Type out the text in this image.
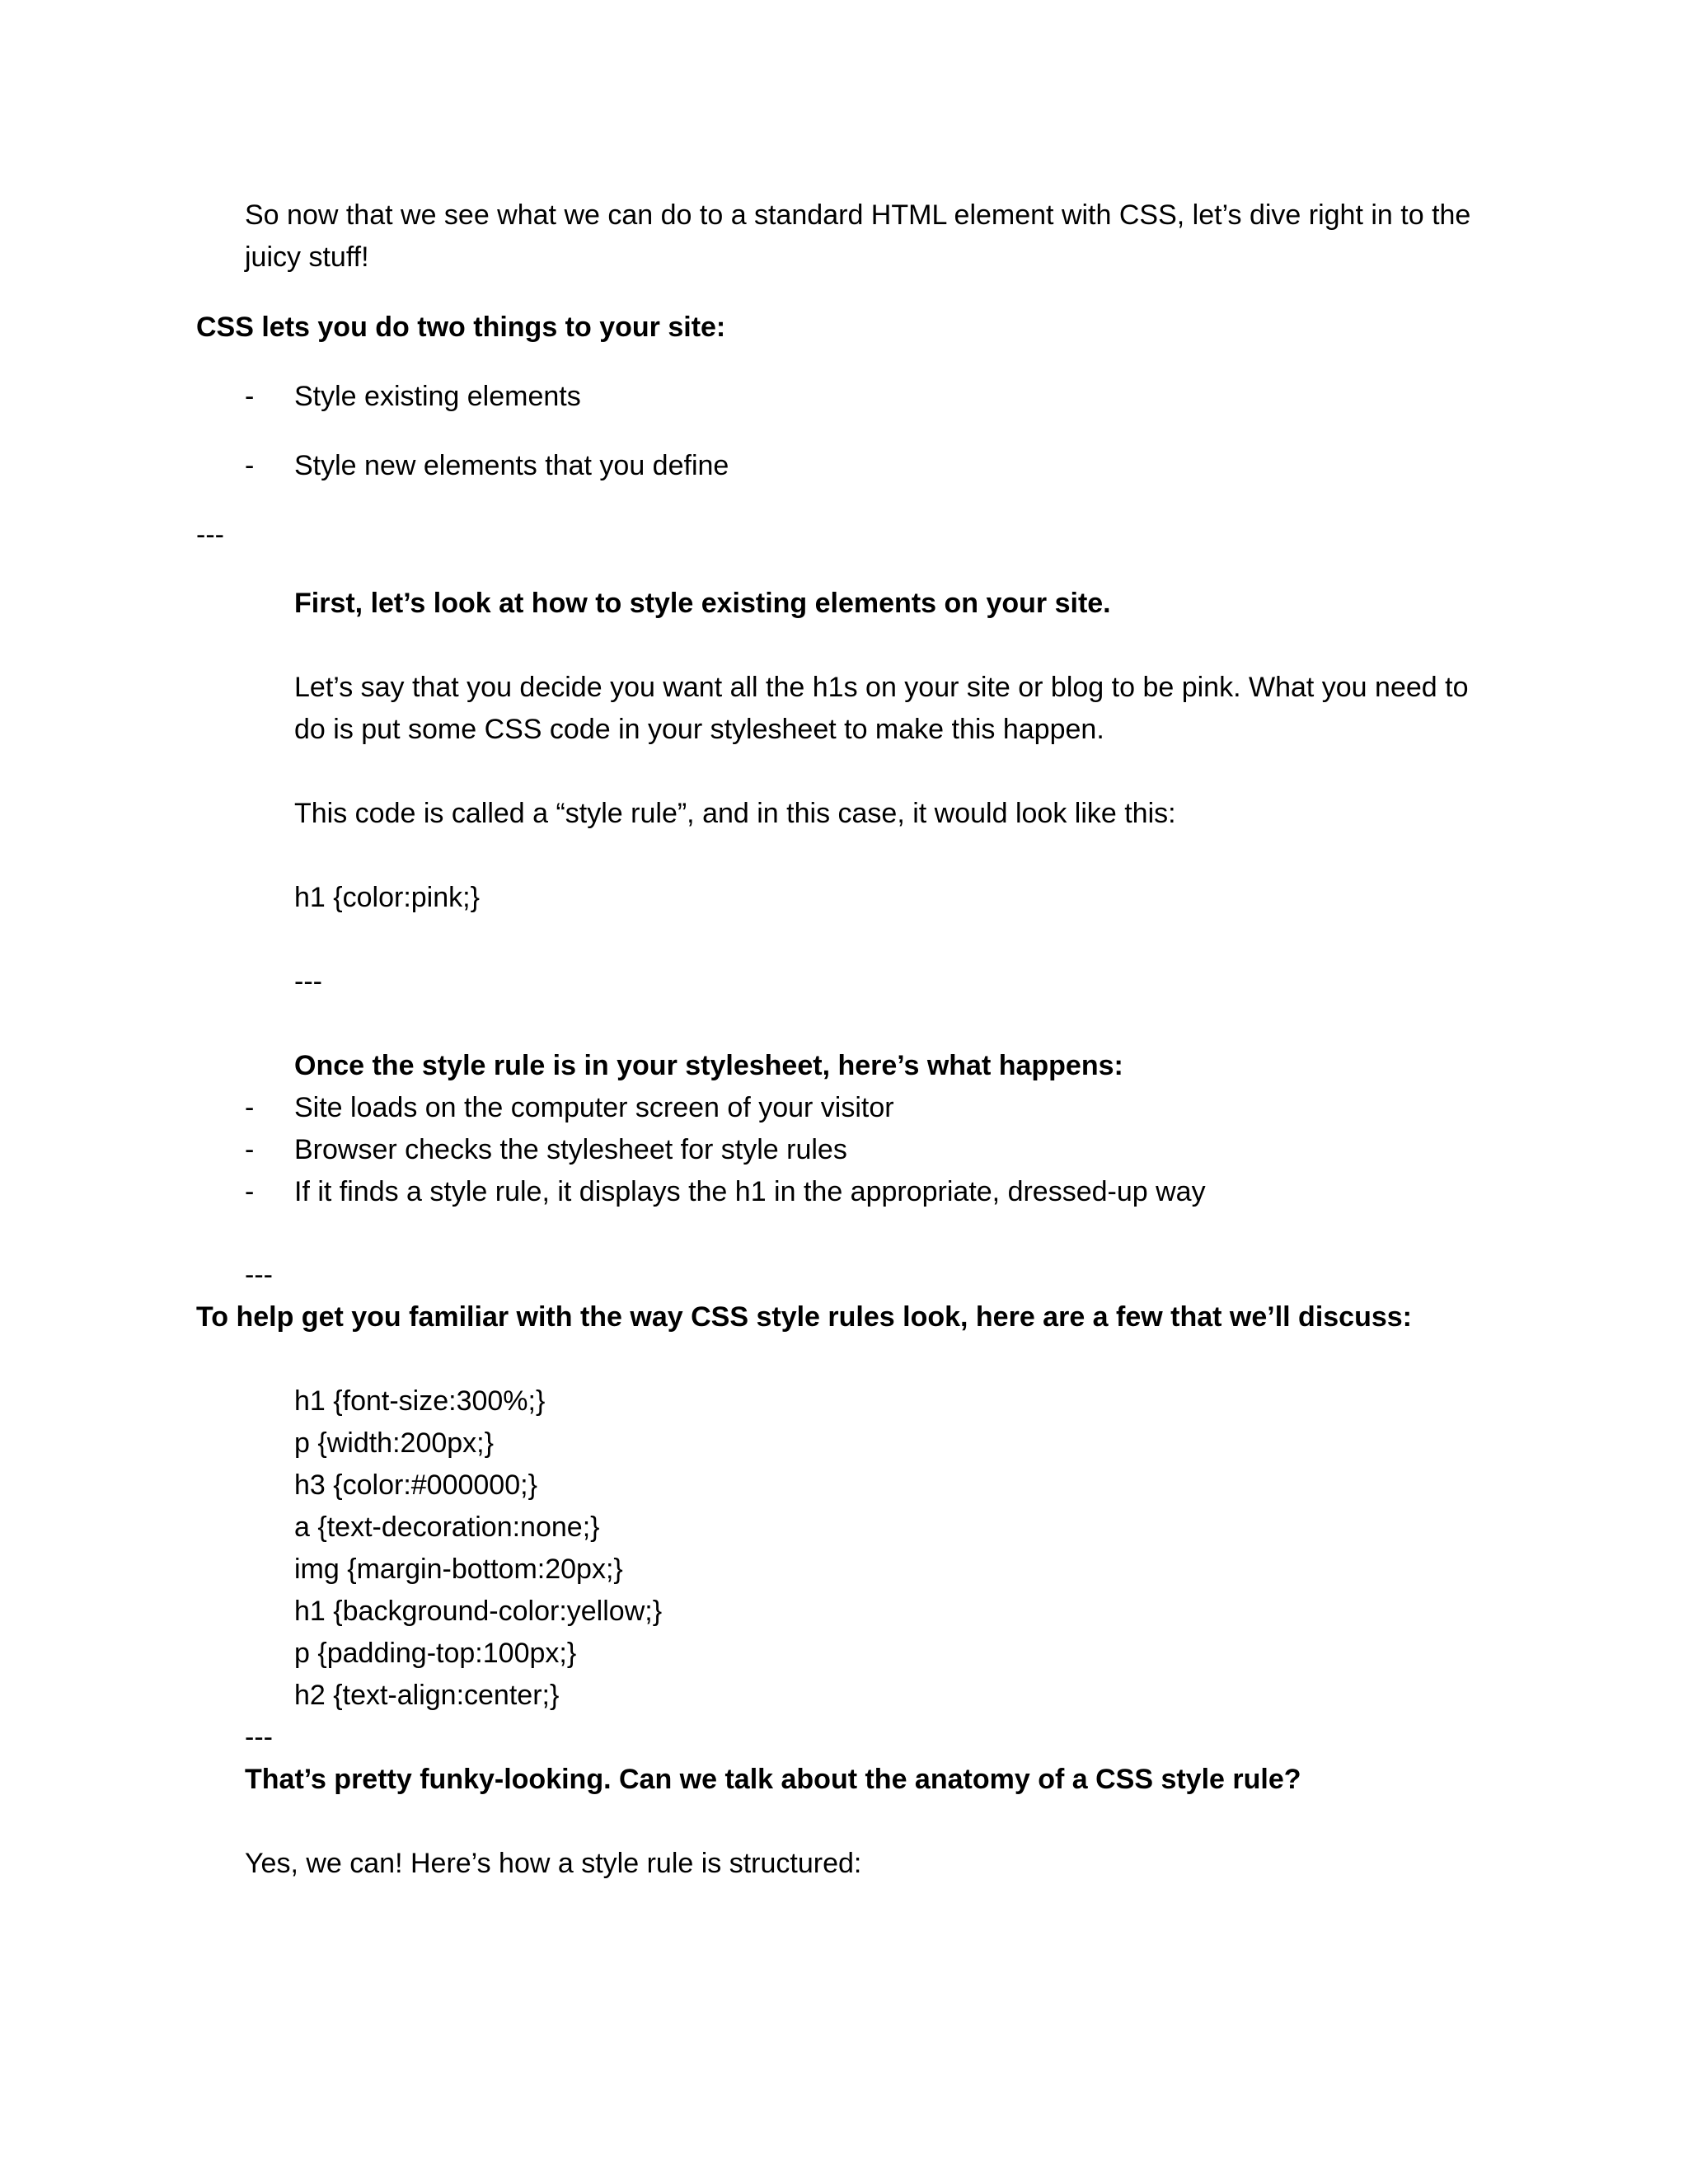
So now that we see what we can do to a standard HTML element with CSS, let’s dive right in to the

juicy stuff!

CSS lets you do two things to your site:

- Style existing elements

- Style new elements that you define

---

First, let’s look at how to style existing elements on your site.

Let’s say that you decide you want all the h1s on your site or blog to be pink. What you need to

do is put some CSS code in your stylesheet to make this happen.

This code is called a “style rule”, and in this case, it would look like this:

h1 {color:pink;}

---

Once the style rule is in your stylesheet, here’s what happens:

- Site loads on the computer screen of your visitor

- Browser checks the stylesheet for style rules

- If it finds a style rule, it displays the h1 in the appropriate, dressed-up way

---

To help get you familiar with the way CSS style rules look, here are a few that we’ll discuss:

h1 {font-size:300%;}

p {width:200px;}

h3 {color:#000000;}

a {text-decoration:none;}

img {margin-bottom:20px;}

h1 {background-color:yellow;}

p {padding-top:100px;}

h2 {text-align:center;}

---

That’s pretty funky-looking. Can we talk about the anatomy of a CSS style rule?

Yes, we can! Here’s how a style rule is structured:
